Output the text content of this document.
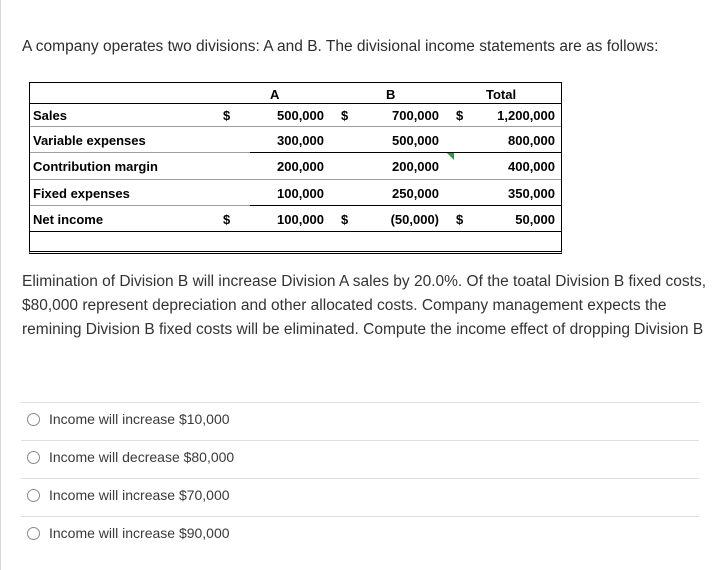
A company operates two divisions: A and B. The divisional income statements are as follows:
A	B	Total
Sales	$	500,000 $	700,000 $	1,200,000
Variable expenses	300,000	500,000	800,000
Contribution margin	200,000	200,000	400,000
Fixed expenses	100,000	250,000	350,000
Net income	$	100,000 $	(50,000) $	50,000
Elimination of Division B will increase Division A sales by 20.0%. Of the toatal Division B fixed costs, $80,000 represent depreciation and other allocated costs. Company management expects the remining Division B fixed costs will be eliminated. Compute the income effect of dropping Division B
Income will increase $10,000
Income will decrease $80,000
Income will increase $70,000
Income will increase $90,000
